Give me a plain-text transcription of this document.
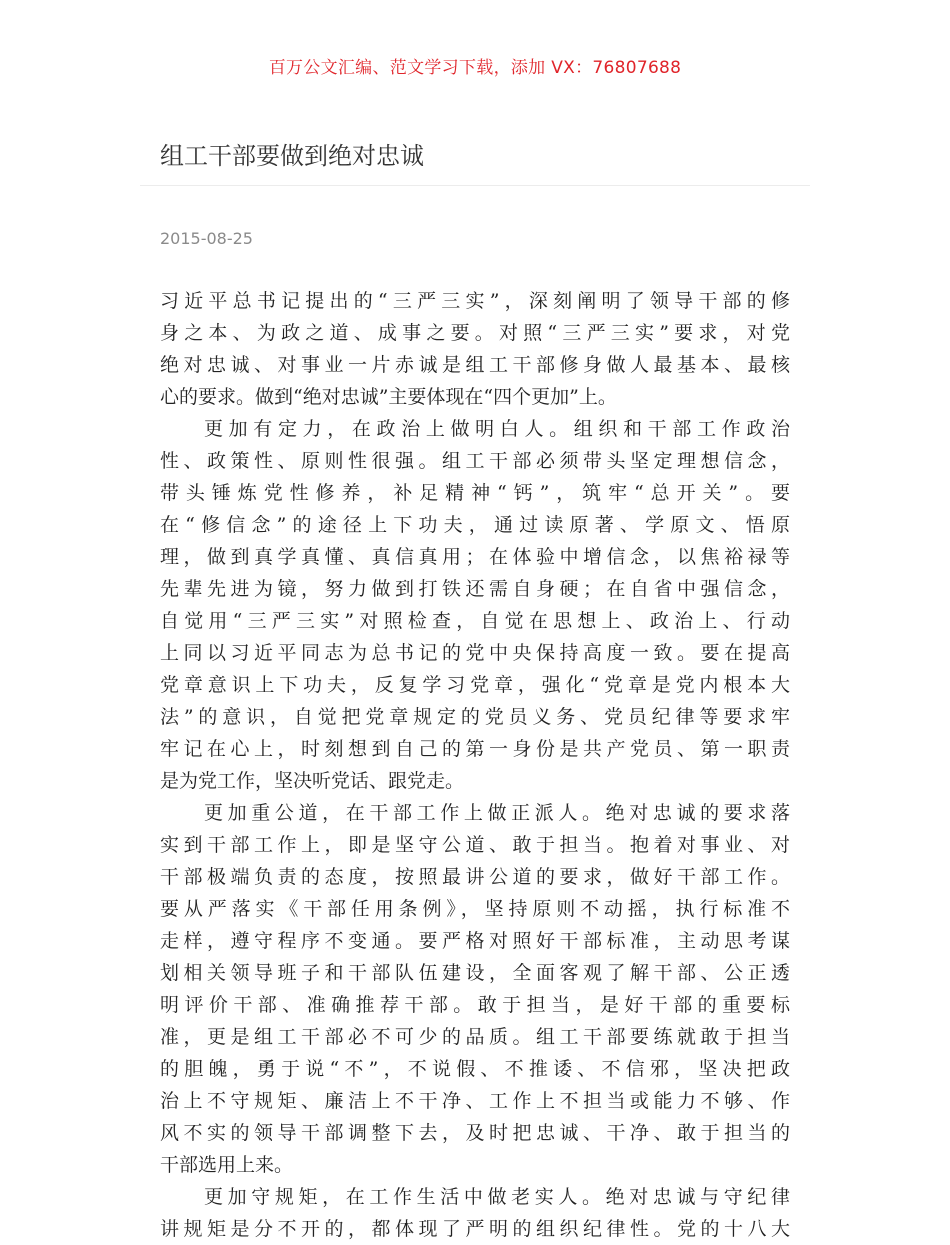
百万公文汇编、范文学习下载，添加 VX：76807688
组工干部要做到绝对忠诚
2015-08-25
习近平总书记提出的“三严三实”，深刻阐明了领导干部的修
身之本、为政之道、成事之要。对照“三严三实”要求，对党
绝对忠诚、对事业一片赤诚是组工干部修身做人最基本、最核
心的要求。做到“绝对忠诚”主要体现在“四个更加”上。
更加有定力，在政治上做明白人。组织和干部工作政治
性、政策性、原则性很强。组工干部必须带头坚定理想信念，
带头锤炼党性修养，补足精神“钙”，筑牢“总开关”。要
在“修信念”的途径上下功夫，通过读原著、学原文、悟原
理，做到真学真懂、真信真用；在体验中增信念，以焦裕禄等
先辈先进为镜，努力做到打铁还需自身硬；在自省中强信念，
自觉用“三严三实”对照检查，自觉在思想上、政治上、行动
上同以习近平同志为总书记的党中央保持高度一致。要在提高
党章意识上下功夫，反复学习党章，强化“党章是党内根本大
法”的意识，自觉把党章规定的党员义务、党员纪律等要求牢
牢记在心上，时刻想到自己的第一身份是共产党员、第一职责
是为党工作，坚决听党话、跟党走。
更加重公道，在干部工作上做正派人。绝对忠诚的要求落
实到干部工作上，即是坚守公道、敢于担当。抱着对事业、对
干部极端负责的态度，按照最讲公道的要求，做好干部工作。
要从严落实《干部任用条例》，坚持原则不动摇，执行标准不
走样，遵守程序不变通。要严格对照好干部标准，主动思考谋
划相关领导班子和干部队伍建设，全面客观了解干部、公正透
明评价干部、准确推荐干部。敢于担当，是好干部的重要标
准，更是组工干部必不可少的品质。组工干部要练就敢于担当
的胆魄，勇于说“不”，不说假、不推诿、不信邪，坚决把政
治上不守规矩、廉洁上不干净、工作上不担当或能力不够、作
风不实的领导干部调整下去，及时把忠诚、干净、敢于担当的
干部选用上来。
更加守规矩，在工作生活中做老实人。绝对忠诚与守纪律
讲规矩是分不开的，都体现了严明的组织纪律性。党的十八大
